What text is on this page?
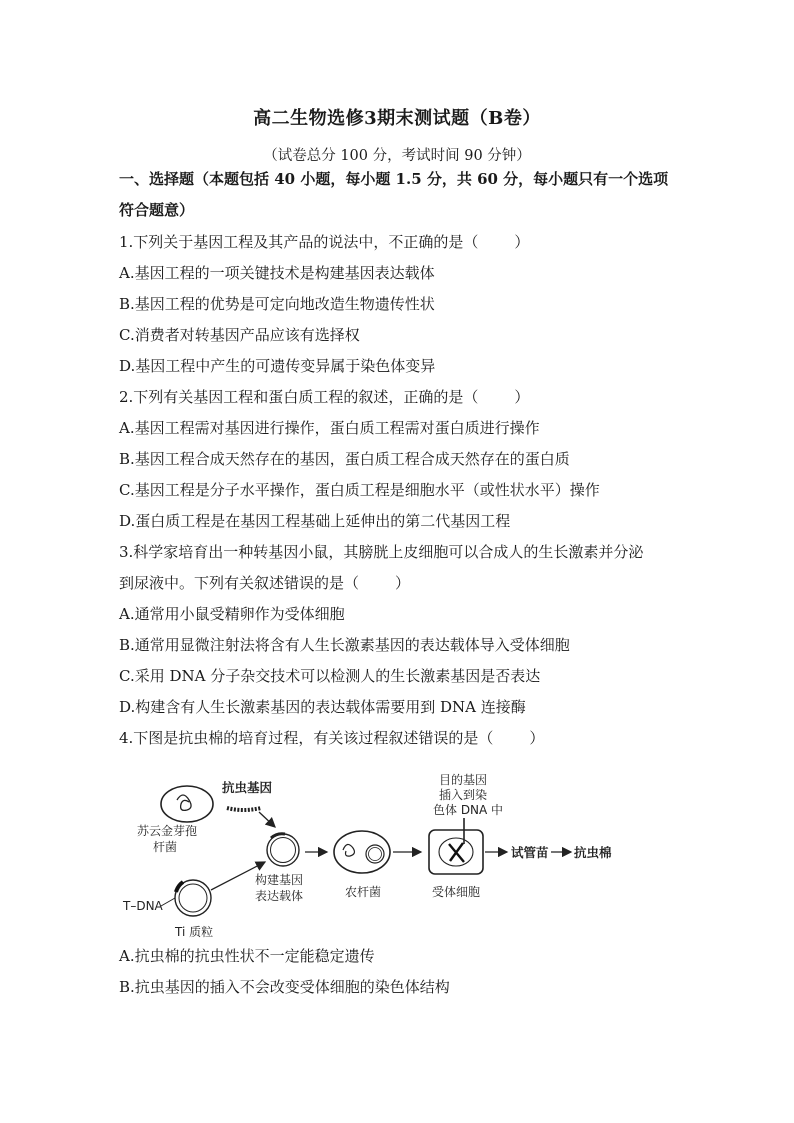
高二生物选修3期末测试题（B卷）
（试卷总分 100 分，考试时间 90 分钟）
一、选择题（本题包括 40 小题，每小题 1.5 分，共 60 分，每小题只有一个选项
符合题意）
1.下列关于基因工程及其产品的说法中，不正确的是（ ）
A.基因工程的一项关键技术是构建基因表达载体
B.基因工程的优势是可定向地改造生物遗传性状
C.消费者对转基因产品应该有选择权
D.基因工程中产生的可遗传变异属于染色体变异
2.下列有关基因工程和蛋白质工程的叙述，正确的是（ ）
A.基因工程需对基因进行操作，蛋白质工程需对蛋白质进行操作
B.基因工程合成天然存在的基因，蛋白质工程合成天然存在的蛋白质
C.基因工程是分子水平操作，蛋白质工程是细胞水平（或性状水平）操作
D.蛋白质工程是在基因工程基础上延伸出的第二代基因工程
3.科学家培育出一种转基因小鼠，其膀胱上皮细胞可以合成人的生长激素并分泌
到尿液中。下列有关叙述错误的是（ ）
A.通常用小鼠受精卵作为受体细胞
B.通常用显微注射法将含有人生长激素基因的表达载体导入受体细胞
C.采用 DNA 分子杂交技术可以检测人的生长激素基因是否表达
D.构建含有人生长激素基因的表达载体需要用到 DNA 连接酶
4.下图是抗虫棉的培育过程，有关该过程叙述错误的是（ ）
苏云金芽孢
杆菌
抗虫基因
构建基因
表达载体
T–DNA
Ti 质粒
农杆菌
目的基因
插入到染
色体 DNA 中
受体细胞
试管苗 抗虫棉
A.抗虫棉的抗虫性状不一定能稳定遗传
B.抗虫基因的插入不会改变受体细胞的染色体结构
